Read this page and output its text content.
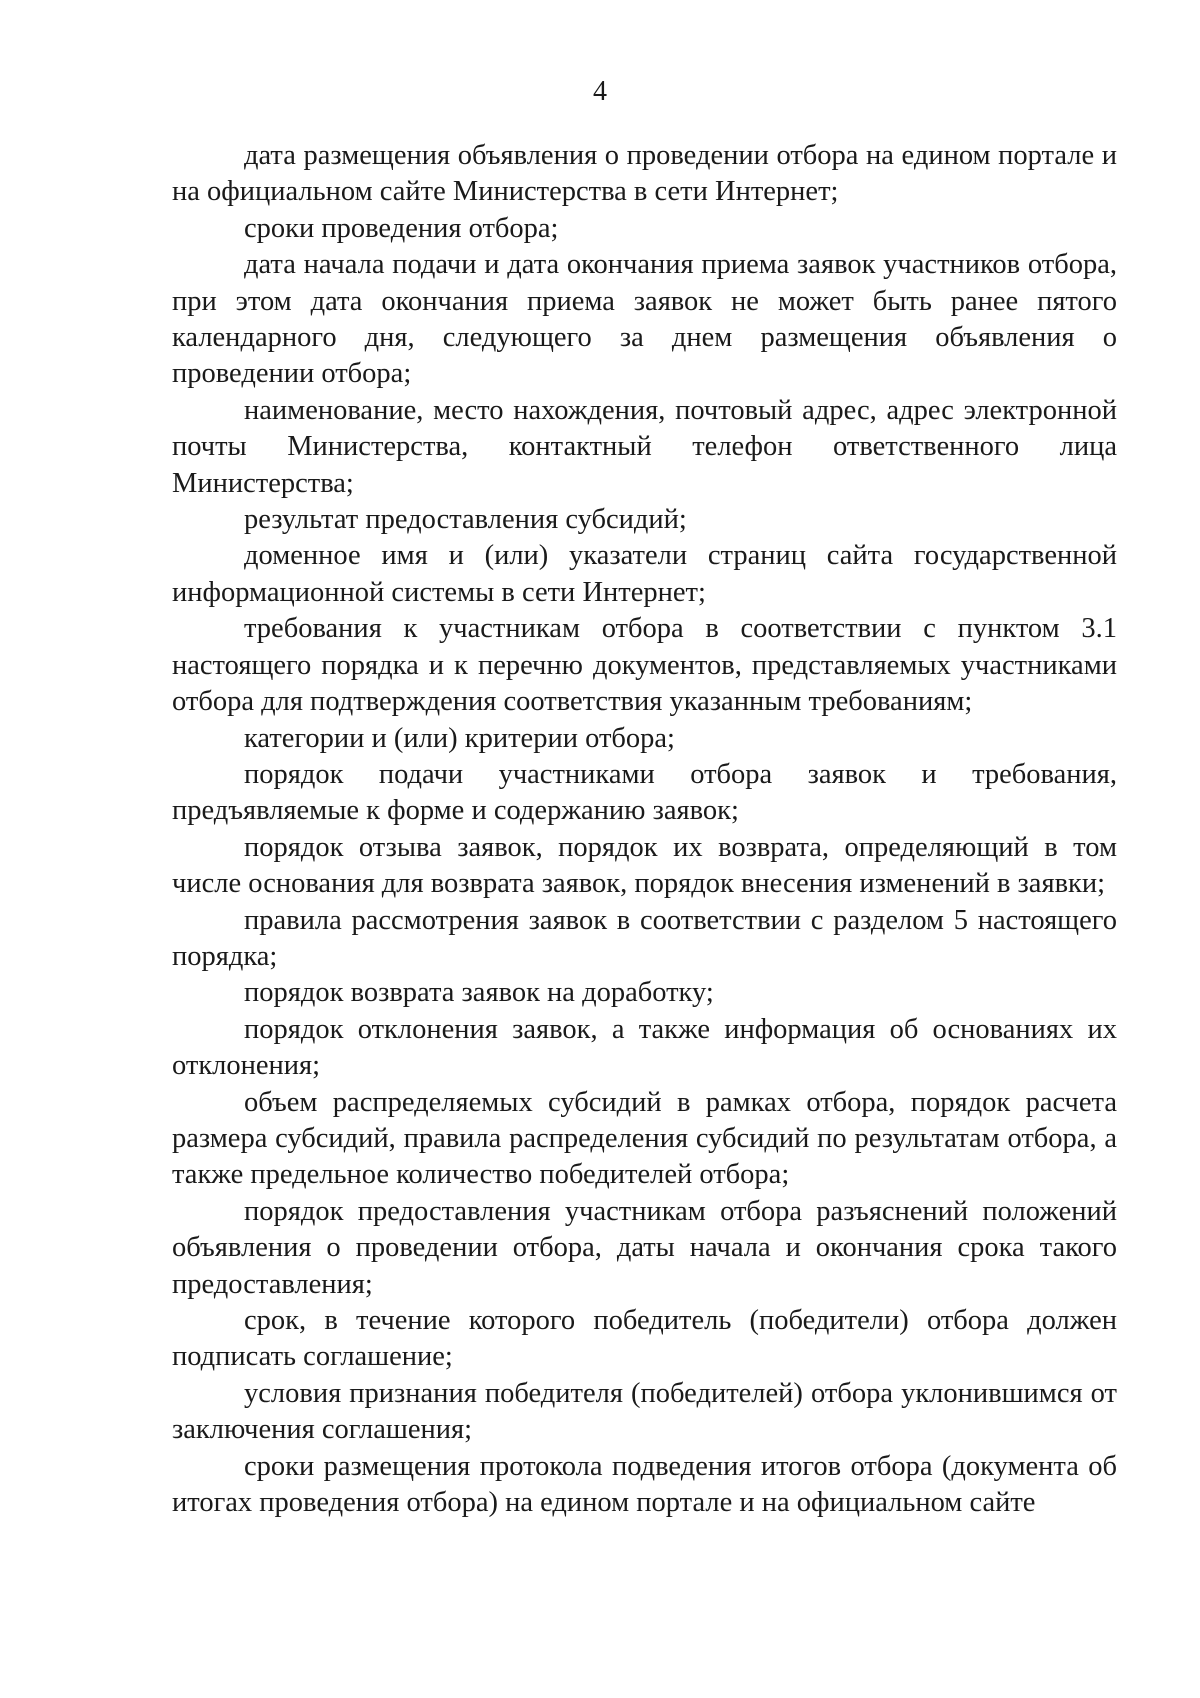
4

дата размещения объявления о проведении отбора на едином портале и на официальном сайте Министерства в сети Интернет;

сроки проведения отбора;

дата начала подачи и дата окончания приема заявок участников отбора, при этом дата окончания приема заявок не может быть ранее пятого календарного дня, следующего за днем размещения объявления о проведении отбора;

наименование, место нахождения, почтовый адрес, адрес электронной почты Министерства, контактный телефон ответственного лица Министерства;

результат предоставления субсидий;

доменное имя и (или) указатели страниц сайта государственной информационной системы в сети Интернет;

требования к участникам отбора в соответствии с пунктом 3.1 настоящего порядка и к перечню документов, представляемых участниками отбора для подтверждения соответствия указанным требованиям;

категории и (или) критерии отбора;

порядок подачи участниками отбора заявок и требования, предъявляемые к форме и содержанию заявок;

порядок отзыва заявок, порядок их возврата, определяющий в том числе основания для возврата заявок, порядок внесения изменений в заявки;

правила рассмотрения заявок в соответствии с разделом 5 настоящего порядка;

порядок возврата заявок на доработку;

порядок отклонения заявок, а также информация об основаниях их отклонения;

объем распределяемых субсидий в рамках отбора, порядок расчета размера субсидий, правила распределения субсидий по результатам отбора, а также предельное количество победителей отбора;

порядок предоставления участникам отбора разъяснений положений объявления о проведении отбора, даты начала и окончания срока такого предоставления;

срок, в течение которого победитель (победители) отбора должен подписать соглашение;

условия признания победителя (победителей) отбора уклонившимся от заключения соглашения;

сроки размещения протокола подведения итогов отбора (документа об итогах проведения отбора) на едином портале и на официальном сайте
